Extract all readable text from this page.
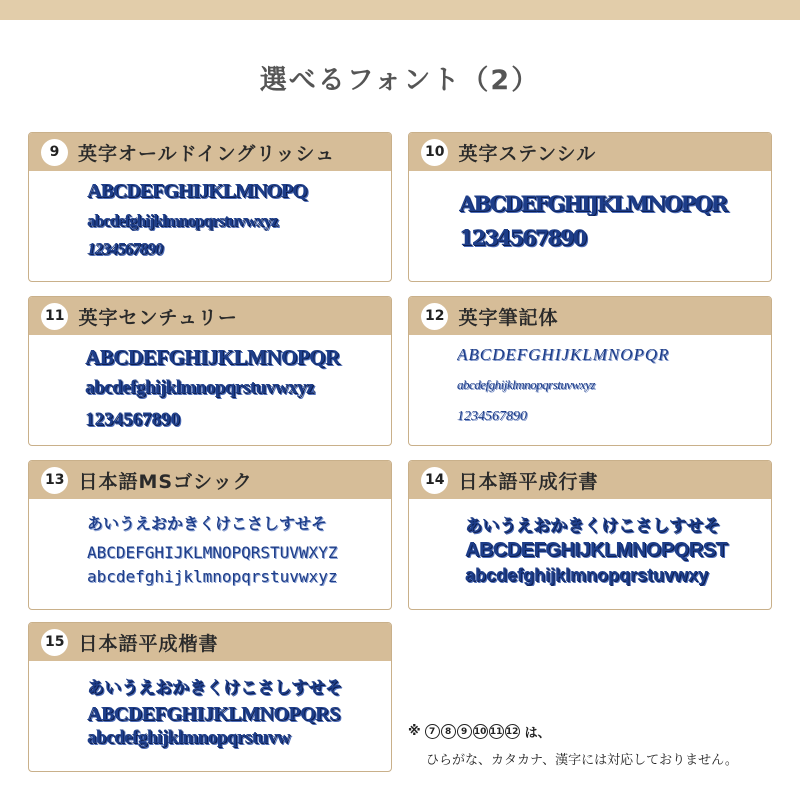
選べるフォント（2）
9 英字オールドイングリッシュ
ABCDEFGHIJKLMNOPQ
abcdefghijklmnopqrstuvwxyz
1234567890
10 英字ステンシル
ABCDEFGHIJKLMNOPQR
1234567890
11 英字センチュリー
ABCDEFGHIJKLMNOPQR
abcdefghijklmnopqrstuvwxyz
1234567890
12 英字筆記体
ABCDEFGHIJKLMNOPQR
abcdefghijklmnopqrstuvwxyz
1234567890
13 日本語MSゴシック
あいうえおかきくけこさしすせそ
ABCDEFGHIJKLMNOPQRSTUVWXYZ
abcdefghijklmnopqrstuvwxyz
14 日本語平成行書
あいうえおかきくけこさしすせそ
ABCDEFGHIJKLMNOPQRST
abcdefghijklmnopqrstuvwxy
15 日本語平成楷書
あいうえおかきくけこさしすせそ
ABCDEFGHIJKLMNOPQRS
abcdefghijklmnopqrstuvw	※ 7	8	9 10 11 12 は、
ひらがな、カタカナ、漢字には対応しておりません。
